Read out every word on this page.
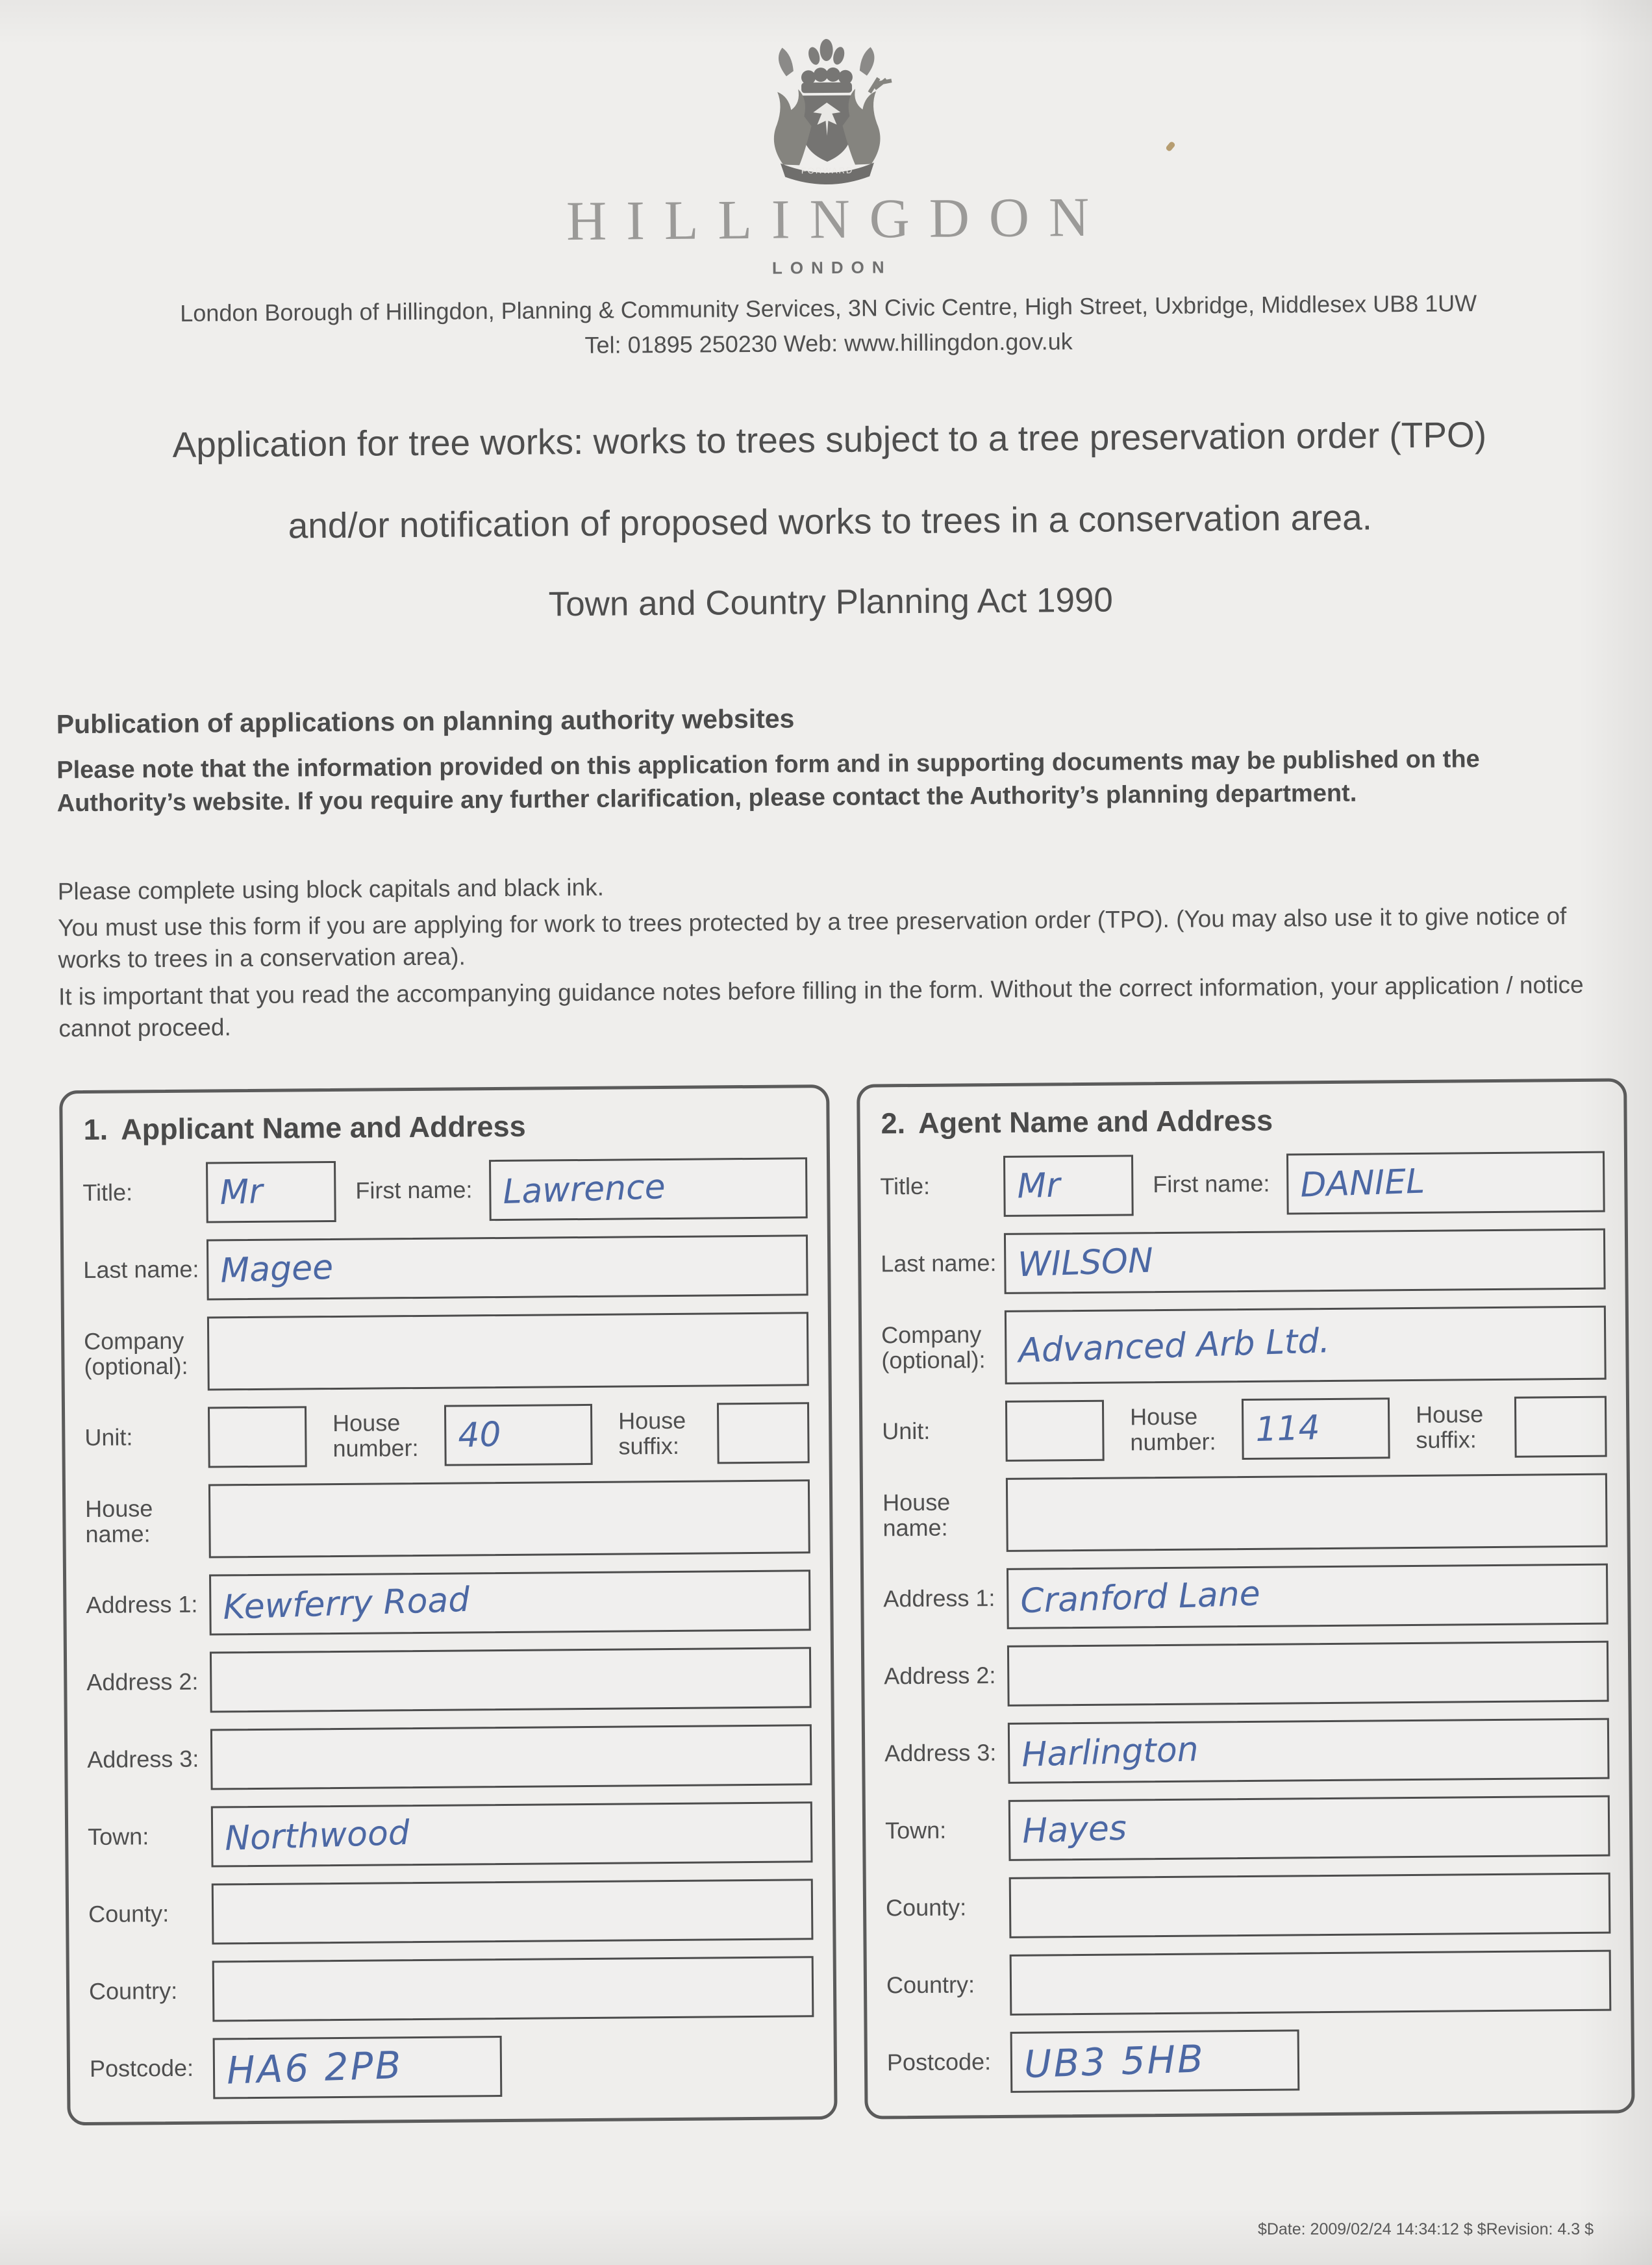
FORWARD
HILLINGDON
LONDON
London Borough of Hillingdon, Planning & Community Services, 3N Civic Centre, High Street, Uxbridge, Middlesex UB8 1UW
Tel: 01895 250230 Web: www.hillingdon.gov.uk
Application for tree works: works to trees subject to a tree preservation order (TPO)
and/or notification of proposed works to trees in a conservation area.
Town and Country Planning Act 1990
Publication of applications on planning authority websites
Please note that the information provided on this application form and in supporting documents may be published on the Authority’s website. If you require any further clarification, please contact the Authority’s planning department.

Please complete using block capitals and black ink.

You must use this form if you are applying for work to trees protected by a tree preservation order (TPO). (You may also use it to give notice of works to trees in a conservation area).

It is important that you read the accompanying guidance notes before filling in the form. Without the correct information, your application / notice cannot proceed.

1. Applicant Name and Address
Title:	Mr	First name: Lawrence
Last name: Magee
Company
(optional):
Unit:
House
number:	40	House
suffix:
House
name:
Address 1: Kewferry Road
Address 2:
Address 3:
Town:	Northwood
County:
Country:
Postcode: HA6 2PB
2. Agent Name and Address
Title:	Mr	First name: DANIEL
Last name: WILSON
Company
(optional): Advanced Arb Ltd.
Unit:
House
number:	114	House
suffix:
House
name:
Address 1: Cranford Lane
Address 2:
Address 3: Harlington
Town:	Hayes
County:
Country:
Postcode: UB3 5HB
$Date: 2009/02/24 14:34:12 $ $Revision: 4.3 $
